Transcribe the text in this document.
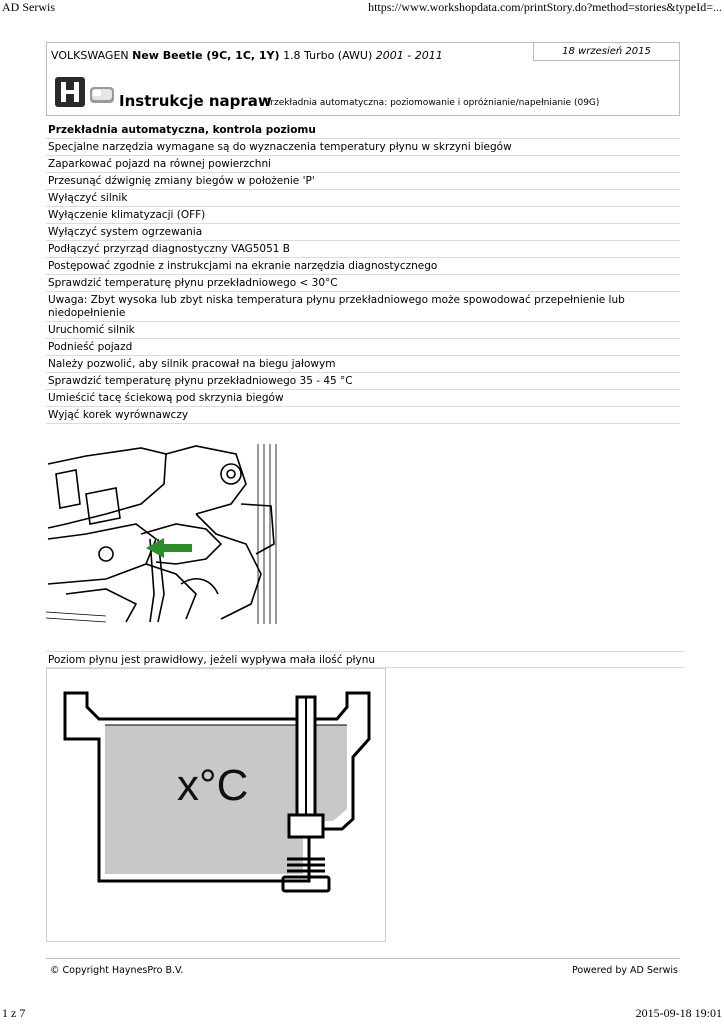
AD Serwis	https://www.workshopdata.com/printStory.do?method=stories&typeId=...
VOLKSWAGEN New Beetle (9C, 1C, 1Y) 1.8 Turbo (AWU) 2001 - 2011	18 wrzesień 2015
Instrukcje napraw
- Przekładnia automatyczna: poziomowanie i opróżnianie/napełnianie (09G)
Przekładnia automatyczna, kontrola poziomu
Specjalne narzędzia wymagane są do wyznaczenia temperatury płynu w skrzyni biegów
Zaparkować pojazd na równej powierzchni
Przesunąć dźwignię zmiany biegów w położenie 'P'
Wyłączyć silnik
Wyłączenie klimatyzacji (OFF)
Wyłączyć system ogrzewania
Podłączyć przyrząd diagnostyczny VAG5051 B
Postępować zgodnie z instrukcjami na ekranie narzędzia diagnostycznego
Sprawdzić temperaturę płynu przekładniowego < 30°C
Uwaga: Zbyt wysoka lub zbyt niska temperatura płynu przekładniowego może spowodować przepełnienie lub niedopełnienie
Uruchomić silnik
Podnieść pojazd
Należy pozwolić, aby silnik pracował na biegu jałowym
Sprawdzić temperaturę płynu przekładniowego 35 - 45 °C
Umieścić tacę ściekową pod skrzynia biegów
Wyjąć korek wyrównawczy
Poziom płynu jest prawidłowy, jeżeli wypływa mała ilość płynu
x°C
© Copyright HaynesPro B.V.	Powered by AD Serwis
1 z 7	2015-09-18 19:01
